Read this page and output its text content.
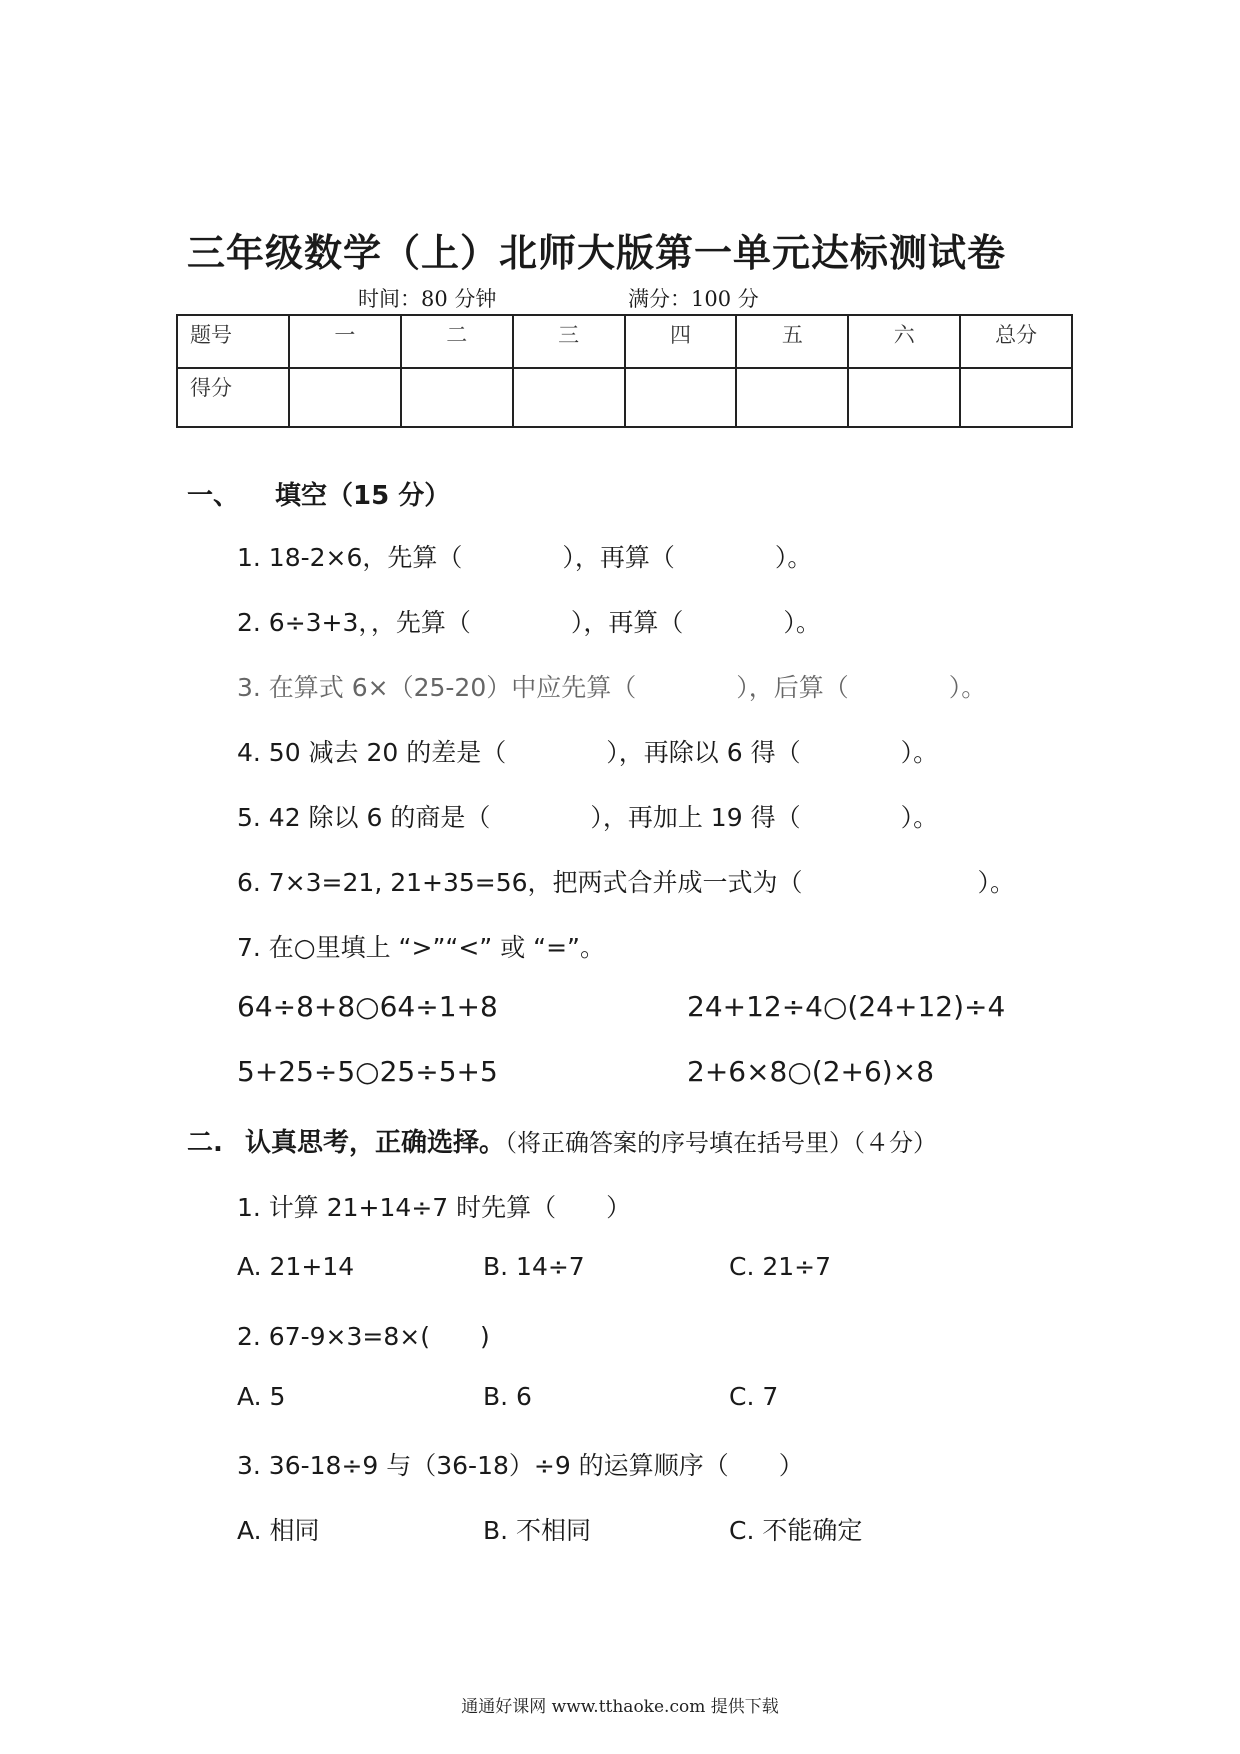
三年级数学（上）北师大版第一单元达标测试卷
时间：80 分钟	满分：100 分
题号	一	二	三	四	五	六	总分
得分							
一、 填空（15 分）
1. 18-2×6，先算（　　　　），再算（　　　　）。
2. 6÷3+3，，先算（　　　　），再算（　　　　）。
3. 在算式 6×（25-20）中应先算（　　　　），后算（　　　　）。
4. 50 减去 20 的差是（　　　　），再除以 6 得（　　　　）。
5. 42 除以 6 的商是（　　　　），再加上 19 得（　　　　）。
6. 7×3=21, 21+35=56，把两式合并成一式为（　　　　　　　）。
7. 在○里填上 “>”“<” 或 “=”。
64÷8+8○64÷1+8	24+12÷4○(24+12)÷4
5+25÷5○25÷5+5	2+6×8○(2+6)×8
二. 认真思考，正确选择。（将正确答案的序号填在括号里）（４分）
1. 计算 21+14÷7 时先算（　　）
A. 21+14	B. 14÷7	C. 21÷7
2. 67-9×3=8×(　　)
A. 5	B. 6	C. 7
3. 36-18÷9 与（36-18）÷9 的运算顺序（　　）
A. 相同	B. 不相同	C. 不能确定
通通好课网 www.tthaoke.com 提供下载
